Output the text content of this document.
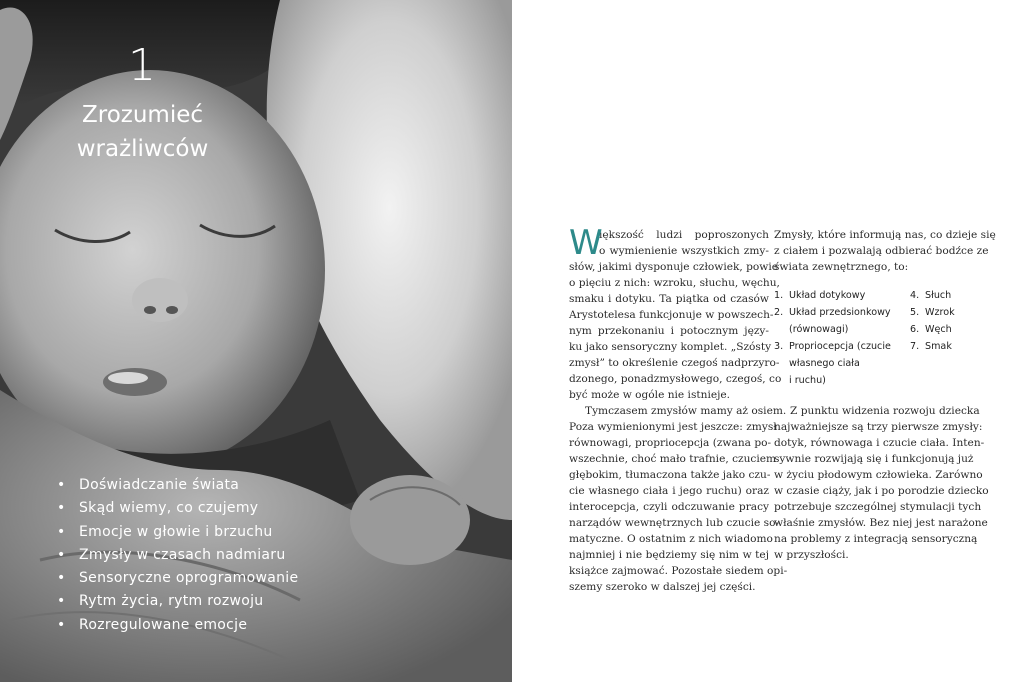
1
Zrozumieć
wrażliwców
• Doświadczanie świata
• Skąd wiemy, co czujemy
• Emocje w głowie i brzuchu
• Zmysły w czasach nadmiaru
• Sensoryczne oprogramowanie
• Rytm życia, rytm rozwoju
• Rozregulowane emocje
W
iększość ludzi poproszonych
o wymienienie wszystkich zmy-
słów, jakimi dysponuje człowiek, powie
o pięciu z nich: wzroku, słuchu, węchu,
smaku i dotyku. Ta piątka od czasów
Arystotelesa funkcjonuje w powszech-
nym przekonaniu i potocznym języ-
ku jako sensoryczny komplet. „Szósty
zmysł” to określenie czegoś nadprzyro-
dzonego, ponadzmysłowego, czegoś, co
być może w ogóle nie istnieje.
Tymczasem zmysłów mamy aż osiem.
Poza wymienionymi jest jeszcze: zmysł
równowagi, propriocepcja (zwana po-
wszechnie, choć mało trafnie, czuciem
głębokim, tłumaczona także jako czu-
cie własnego ciała i jego ruchu) oraz
interocepcja, czyli odczuwanie pracy
narządów wewnętrznych lub czucie so-
matyczne. O ostatnim z nich wiadomo
najmniej i nie będziemy się nim w tej
książce zajmować. Pozostałe siedem opi-
szemy szeroko w dalszej jej części.
Zmysły, które informują nas, co dzieje się
z ciałem i pozwalają odbierać bodźce ze
świata zewnętrznego, to:
1. Układ dotykowy
2. Układ przedsionkowy
(równowagi)
3. Propriocepcja (czucie
własnego ciała
i ruchu)
4. Słuch
5. Wzrok
6. Węch
7. Smak
Z punktu widzenia rozwoju dziecka
najważniejsze są trzy pierwsze zmysły:
dotyk, równowaga i czucie ciała. Inten-
sywnie rozwijają się i funkcjonują już
w życiu płodowym człowieka. Zarówno
w czasie ciąży, jak i po porodzie dziecko
potrzebuje szczególnej stymulacji tych
właśnie zmysłów. Bez niej jest narażone
na problemy z integracją sensoryczną
w przyszłości.
